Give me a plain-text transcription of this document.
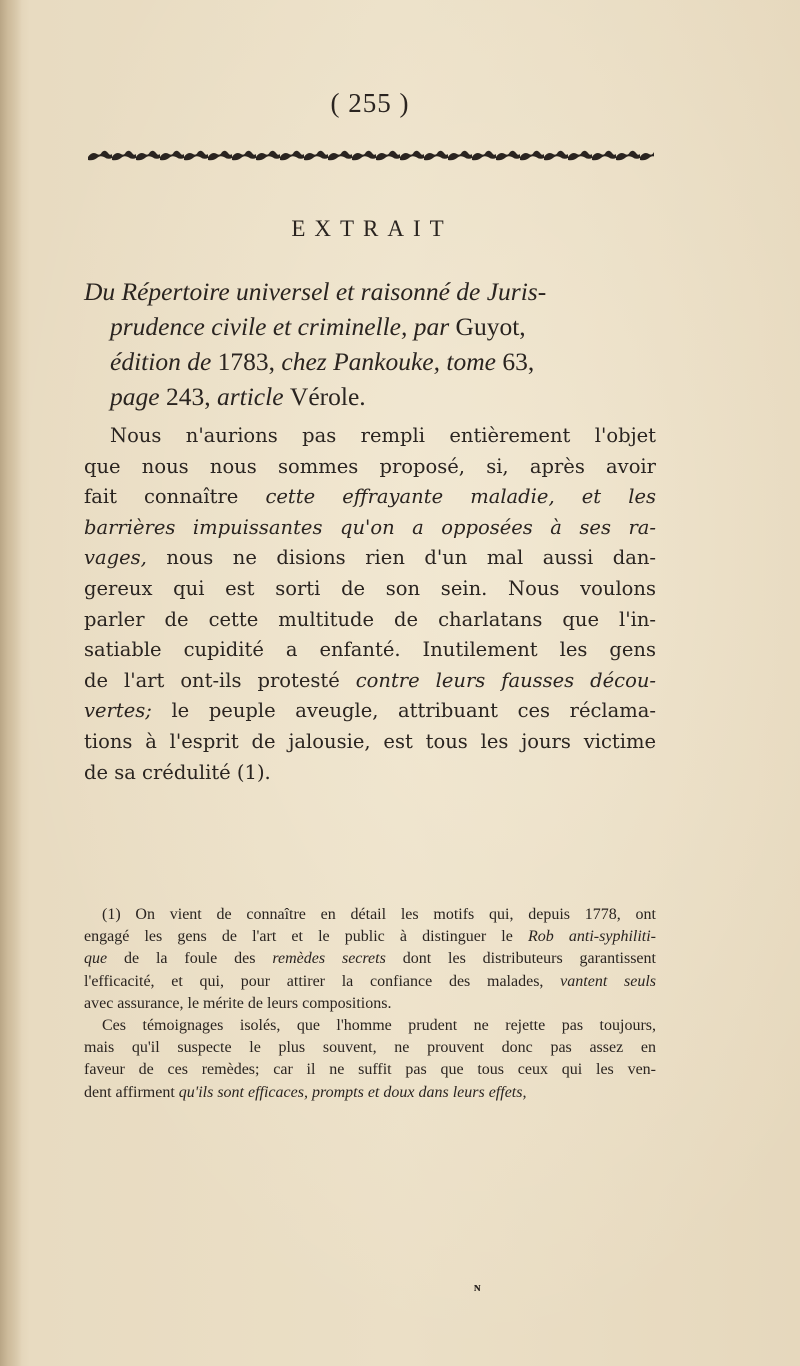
( 255 )
EXTRAIT
Du Répertoire universel et raisonné de Juris-
prudence civile et criminelle, par Guyot,
édition de 1783, chez Pankouke, tome 63,
page 243, article Vérole.
Nous n'aurions pas rempli entièrement l'objet
que nous nous sommes proposé, si, après avoir
fait connaître cette effrayante maladie, et les
barrières impuissantes qu'on a opposées à ses ra-
vages, nous ne disions rien d'un mal aussi dan-
gereux qui est sorti de son sein. Nous voulons
parler de cette multitude de charlatans que l'in-
satiable cupidité a enfanté. Inutilement les gens
de l'art ont-ils protesté contre leurs fausses décou-
vertes; le peuple aveugle, attribuant ces réclama-
tions à l'esprit de jalousie, est tous les jours victime
de sa crédulité (1).
(1) On vient de connaître en détail les motifs qui, depuis 1778, ont
engagé les gens de l'art et le public à distinguer le Rob anti-syphiliti-
que de la foule des remèdes secrets dont les distributeurs garantissent
l'efficacité, et qui, pour attirer la confiance des malades, vantent seuls
avec assurance, le mérite de leurs compositions.
Ces témoignages isolés, que l'homme prudent ne rejette pas toujours,
mais qu'il suspecte le plus souvent, ne prouvent donc pas assez en
faveur de ces remèdes; car il ne suffit pas que tous ceux qui les ven-
dent affirment qu'ils sont efficaces, prompts et doux dans leurs effets,
ᴺ
